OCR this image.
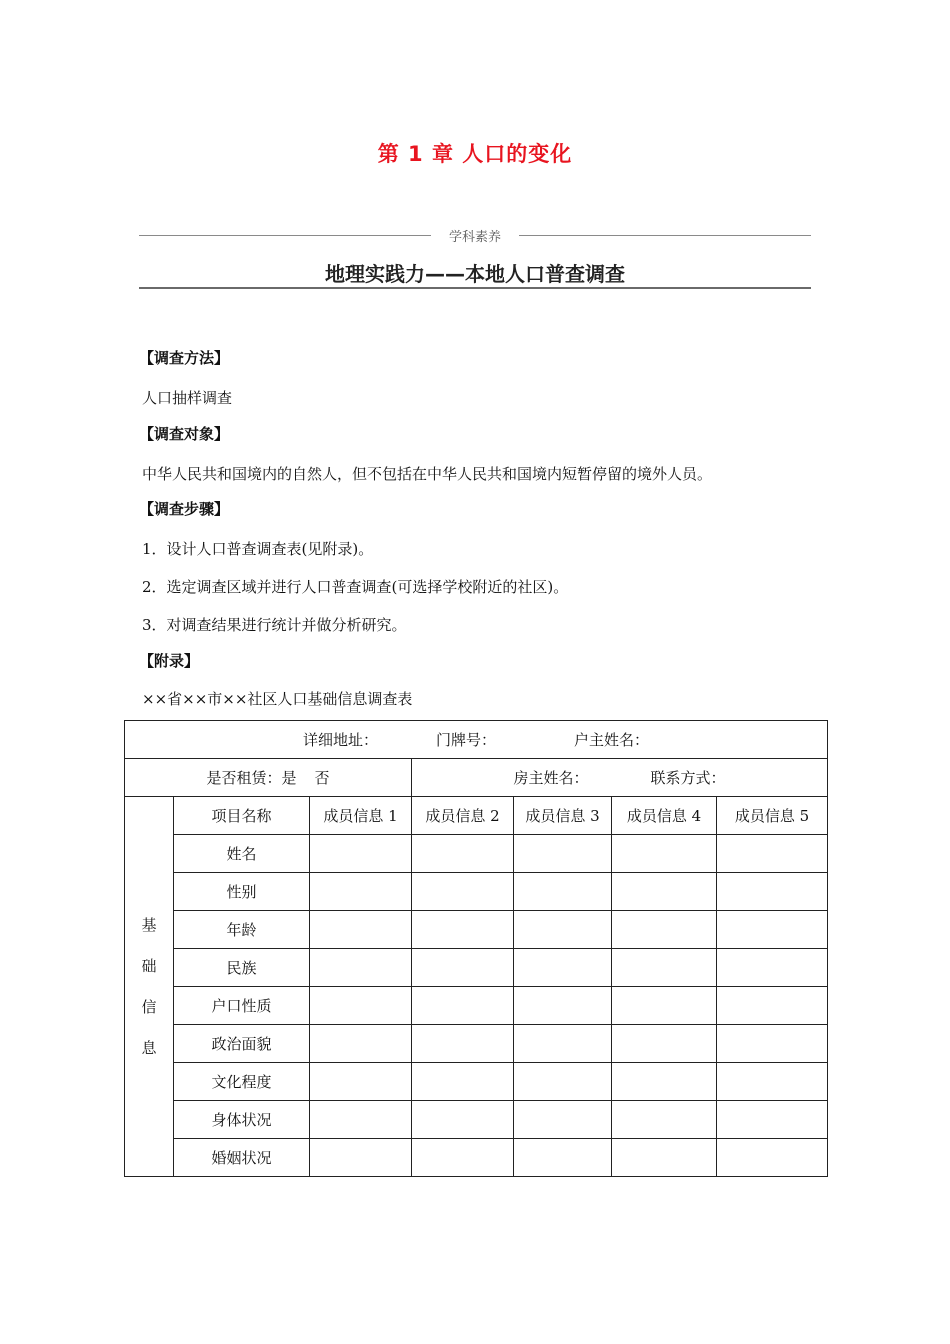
第 1 章 人口的变化
学科素养
地理实践力——本地人口普查调查
【调查方法】
人口抽样调查
【调查对象】
中华人民共和国境内的自然人，但不包括在中华人民共和国境内短暂停留的境外人员。
【调查步骤】
1．设计人口普查调查表(见附录)。
2．选定调查区域并进行人口普查调查(可选择学校附近的社区)。
3．对调查结果进行统计并做分析研究。
【附录】
××省××市××社区人口基础信息调查表
详细地址： 门牌号： 户主姓名：						
是否租赁：是 否			房主姓名： 联系方式：			

基
础
信
息	项目名称	成员信息 1	成员信息 2	成员信息 3	成员信息 4	成员信息 5
	姓名					
	性别					
	年龄					
	民族					
	户口性质					
	政治面貌					
	文化程度					
	身体状况					
	婚姻状况					
